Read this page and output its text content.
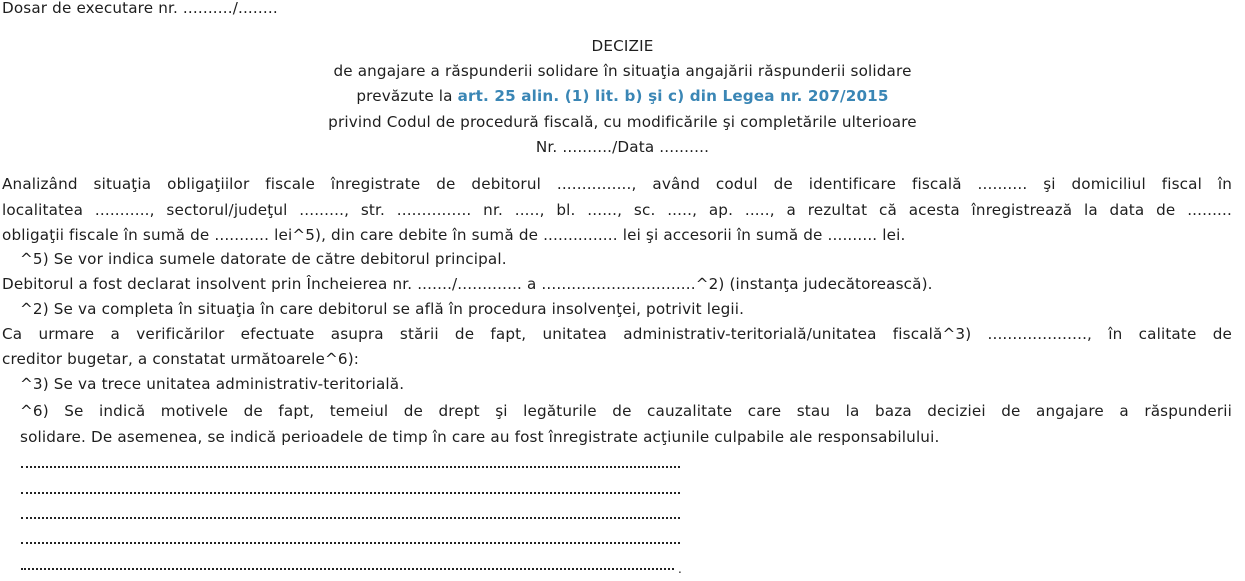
Dosar de executare nr. ........../........
DECIZIE
de angajare a răspunderii solidare în situaţia angajării răspunderii solidare
prevăzute la art. 25 alin. (1) lit. b) şi c) din Legea nr. 207/2015
privind Codul de procedură fiscală, cu modificările şi completările ulterioare
Nr. ........../Data ..........
Analizând situaţia obligaţiilor fiscale înregistrate de debitorul ..............., având codul de identificare fiscală .......... şi domiciliul fiscal în
localitatea ..........., sectorul/judeţul ........., str. ............... nr. ....., bl. ......, sc. ....., ap. ....., a rezultat că acesta înregistrează la data de .........
obligaţii fiscale în sumă de ........... lei^5), din care debite în sumă de ............... lei şi accesorii în sumă de .......... lei.
^5) Se vor indica sumele datorate de către debitorul principal.
Debitorul a fost declarat insolvent prin Încheierea nr. ......./............. a ...............................^2) (instanţa judecătorească).
^2) Se va completa în situaţia în care debitorul se află în procedura insolvenţei, potrivit legii.
Ca urmare a verificărilor efectuate asupra stării de fapt, unitatea administrativ-teritorială/unitatea fiscală^3) ...................., în calitate de
creditor bugetar, a constatat următoarele^6):
^3) Se va trece unitatea administrativ-teritorială.
^6) Se indică motivele de fapt, temeiul de drept şi legăturile de cauzalitate care stau la baza deciziei de angajare a răspunderii
solidare. De asemenea, se indică perioadele de timp în care au fost înregistrate acţiunile culpabile ale responsabilului.
.
